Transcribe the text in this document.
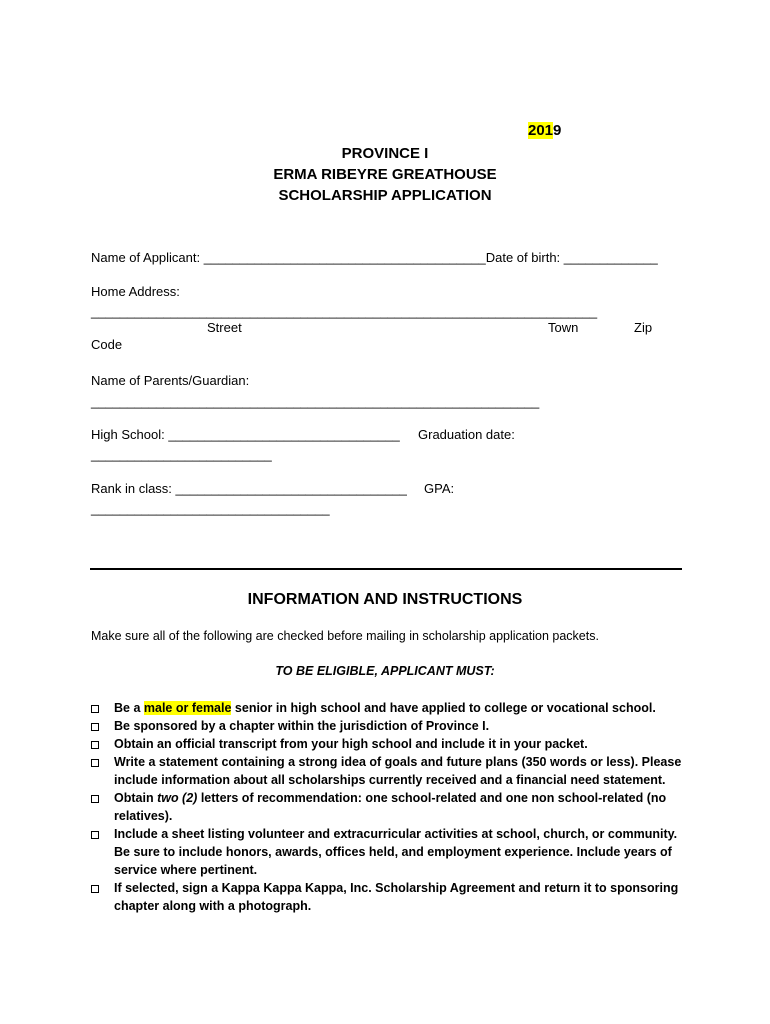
2019
PROVINCE I
ERMA RIBEYRE GREATHOUSE
SCHOLARSHIP APPLICATION
Name of Applicant: _______________________________________Date of birth: _____________
Home Address:
______________________________________________________________________
Street	Town	Zip
Code
Name of Parents/Guardian:
______________________________________________________________
High School: ________________________________ Graduation date:
_________________________
Rank in class: ________________________________ GPA:
_________________________________
INFORMATION AND INSTRUCTIONS
Make sure all of the following are checked before mailing in scholarship application packets.
TO BE ELIGIBLE, APPLICANT MUST:
Be a male or female senior in high school and have applied to college or vocational school.
Be sponsored by a chapter within the jurisdiction of Province I.
Obtain an official transcript from your high school and include it in your packet.
Write a statement containing a strong idea of goals and future plans (350 words or less). Please include information about all scholarships currently received and a financial need statement.
Obtain two (2) letters of recommendation: one school-related and one non school-related (no relatives).
Include a sheet listing volunteer and extracurricular activities at school, church, or community. Be sure to include honors, awards, offices held, and employment experience. Include years of service where pertinent.
If selected, sign a Kappa Kappa Kappa, Inc. Scholarship Agreement and return it to sponsoring chapter along with a photograph.
